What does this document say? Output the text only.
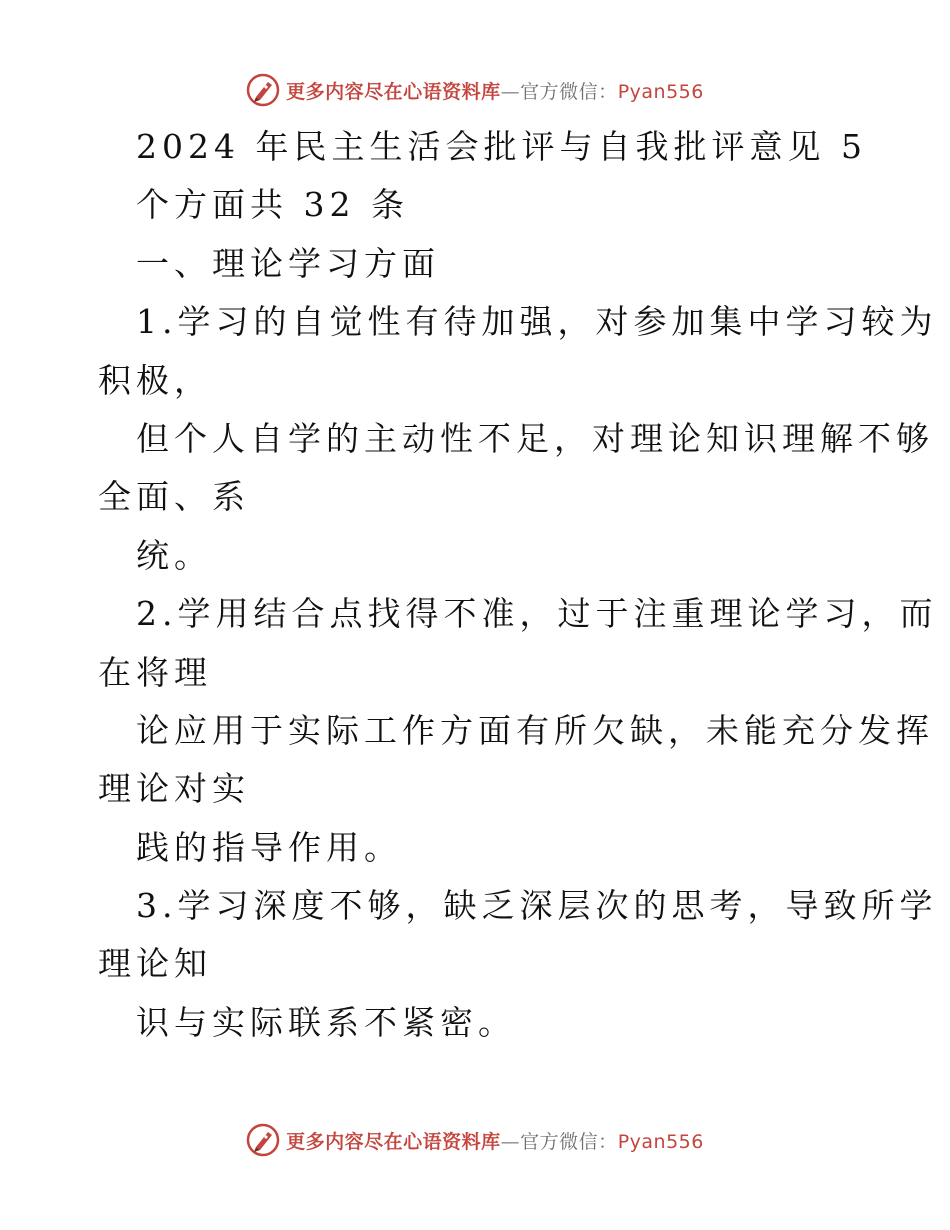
更多内容尽在心语资料库—官方微信：Pyan556
2024 年民主生活会批评与自我批评意见 5
个方面共 32 条
一、理论学习方面
1.学习的自觉性有待加强，对参加集中学习较为
积极，
但个人自学的主动性不足，对理论知识理解不够
全面、系
统。
2.学用结合点找得不准，过于注重理论学习，而
在将理
论应用于实际工作方面有所欠缺，未能充分发挥
理论对实
践的指导作用。
3.学习深度不够，缺乏深层次的思考，导致所学
理论知
识与实际联系不紧密。
更多内容尽在心语资料库—官方微信：Pyan556
